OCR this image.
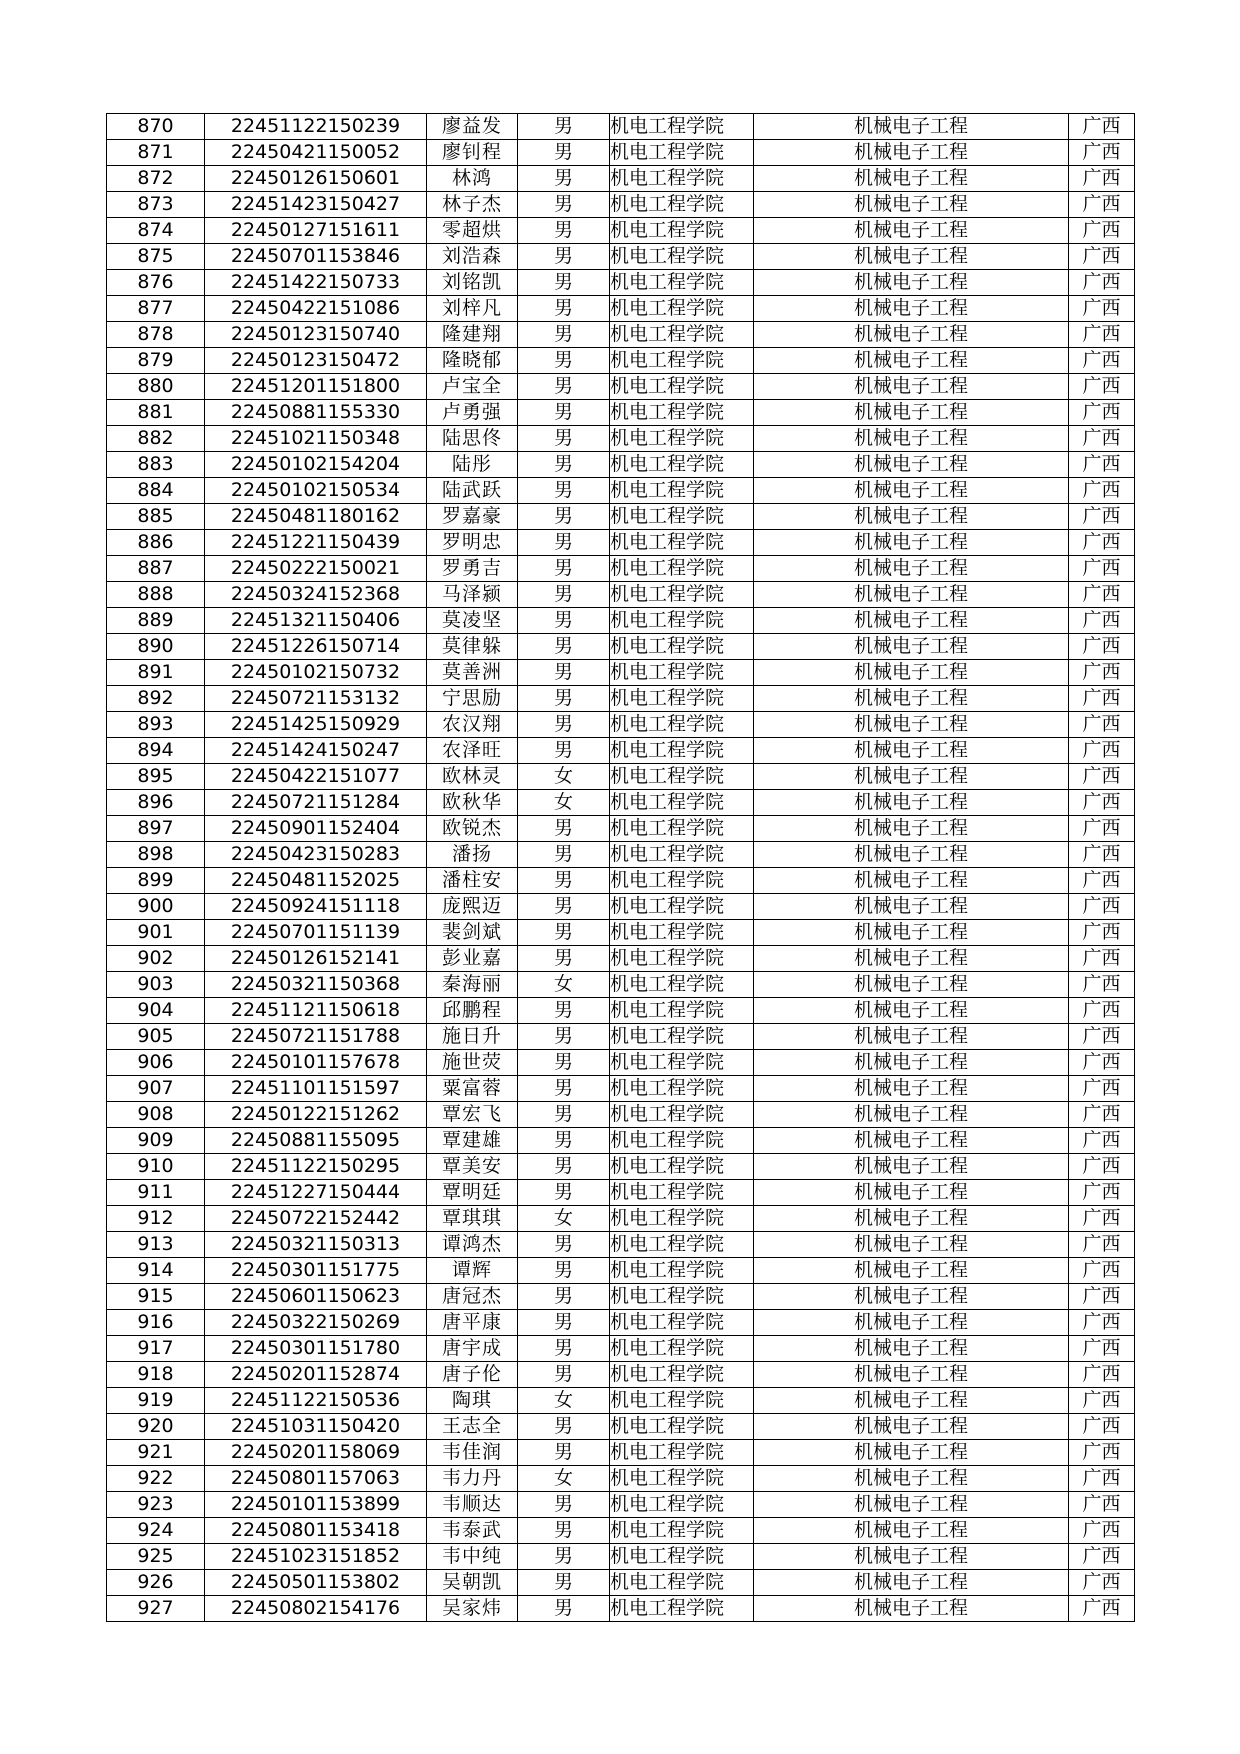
870	22451122150239	廖益发	男	机电工程学院	机械电子工程	广西
871	22450421150052	廖钊程	男	机电工程学院	机械电子工程	广西
872	22450126150601	林鸿	男	机电工程学院	机械电子工程	广西
873	22451423150427	林子杰	男	机电工程学院	机械电子工程	广西
874	22450127151611	零超烘	男	机电工程学院	机械电子工程	广西
875	22450701153846	刘浩森	男	机电工程学院	机械电子工程	广西
876	22451422150733	刘铭凯	男	机电工程学院	机械电子工程	广西
877	22450422151086	刘梓凡	男	机电工程学院	机械电子工程	广西
878	22450123150740	隆建翔	男	机电工程学院	机械电子工程	广西
879	22450123150472	隆晓郁	男	机电工程学院	机械电子工程	广西
880	22451201151800	卢宝全	男	机电工程学院	机械电子工程	广西
881	22450881155330	卢勇强	男	机电工程学院	机械电子工程	广西
882	22451021150348	陆思佟	男	机电工程学院	机械电子工程	广西
883	22450102154204	陆彤	男	机电工程学院	机械电子工程	广西
884	22450102150534	陆武跃	男	机电工程学院	机械电子工程	广西
885	22450481180162	罗嘉豪	男	机电工程学院	机械电子工程	广西
886	22451221150439	罗明忠	男	机电工程学院	机械电子工程	广西
887	22450222150021	罗勇吉	男	机电工程学院	机械电子工程	广西
888	22450324152368	马泽颍	男	机电工程学院	机械电子工程	广西
889	22451321150406	莫凌坚	男	机电工程学院	机械电子工程	广西
890	22451226150714	莫律躲	男	机电工程学院	机械电子工程	广西
891	22450102150732	莫善洲	男	机电工程学院	机械电子工程	广西
892	22450721153132	宁思励	男	机电工程学院	机械电子工程	广西
893	22451425150929	农汉翔	男	机电工程学院	机械电子工程	广西
894	22451424150247	农泽旺	男	机电工程学院	机械电子工程	广西
895	22450422151077	欧林灵	女	机电工程学院	机械电子工程	广西
896	22450721151284	欧秋华	女	机电工程学院	机械电子工程	广西
897	22450901152404	欧锐杰	男	机电工程学院	机械电子工程	广西
898	22450423150283	潘扬	男	机电工程学院	机械电子工程	广西
899	22450481152025	潘柱安	男	机电工程学院	机械电子工程	广西
900	22450924151118	庞熙迈	男	机电工程学院	机械电子工程	广西
901	22450701151139	裴剑斌	男	机电工程学院	机械电子工程	广西
902	22450126152141	彭业嘉	男	机电工程学院	机械电子工程	广西
903	22450321150368	秦海丽	女	机电工程学院	机械电子工程	广西
904	22451121150618	邱鹏程	男	机电工程学院	机械电子工程	广西
905	22450721151788	施日升	男	机电工程学院	机械电子工程	广西
906	22450101157678	施世荧	男	机电工程学院	机械电子工程	广西
907	22451101151597	粟富蓉	男	机电工程学院	机械电子工程	广西
908	22450122151262	覃宏飞	男	机电工程学院	机械电子工程	广西
909	22450881155095	覃建雄	男	机电工程学院	机械电子工程	广西
910	22451122150295	覃美安	男	机电工程学院	机械电子工程	广西
911	22451227150444	覃明廷	男	机电工程学院	机械电子工程	广西
912	22450722152442	覃琪琪	女	机电工程学院	机械电子工程	广西
913	22450321150313	谭鸿杰	男	机电工程学院	机械电子工程	广西
914	22450301151775	谭辉	男	机电工程学院	机械电子工程	广西
915	22450601150623	唐冠杰	男	机电工程学院	机械电子工程	广西
916	22450322150269	唐平康	男	机电工程学院	机械电子工程	广西
917	22450301151780	唐宇成	男	机电工程学院	机械电子工程	广西
918	22450201152874	唐子伦	男	机电工程学院	机械电子工程	广西
919	22451122150536	陶琪	女	机电工程学院	机械电子工程	广西
920	22451031150420	王志全	男	机电工程学院	机械电子工程	广西
921	22450201158069	韦佳润	男	机电工程学院	机械电子工程	广西
922	22450801157063	韦力丹	女	机电工程学院	机械电子工程	广西
923	22450101153899	韦顺达	男	机电工程学院	机械电子工程	广西
924	22450801153418	韦泰武	男	机电工程学院	机械电子工程	广西
925	22451023151852	韦中纯	男	机电工程学院	机械电子工程	广西
926	22450501153802	吴朝凯	男	机电工程学院	机械电子工程	广西
927	22450802154176	吴家炜	男	机电工程学院	机械电子工程	广西
